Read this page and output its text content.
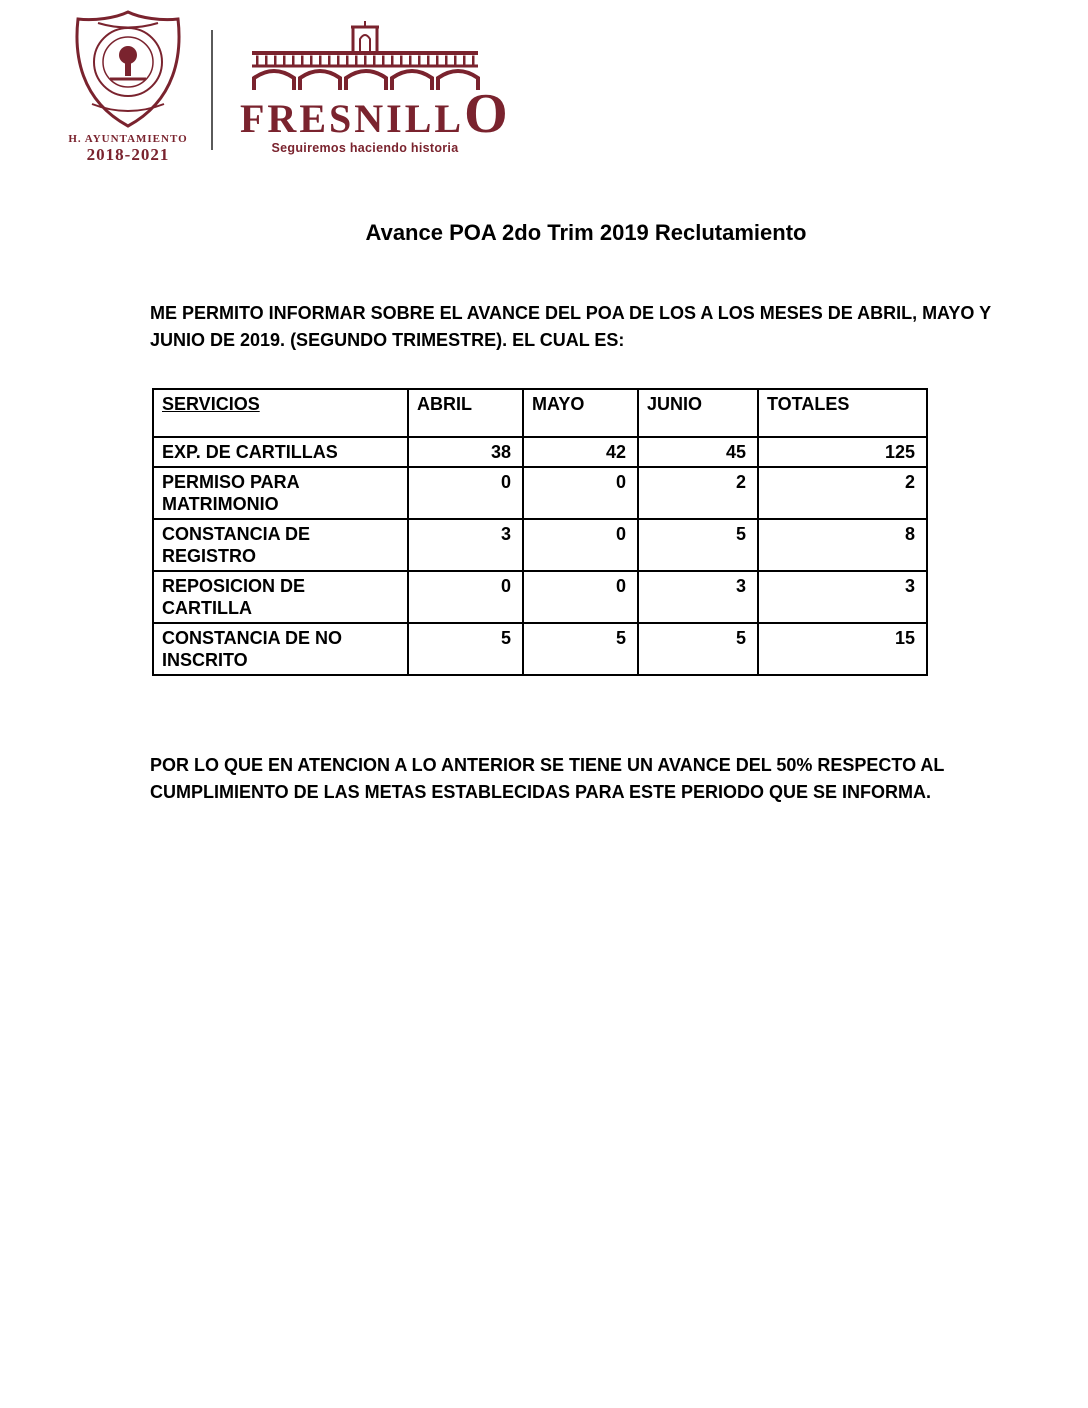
H. AYUNTAMIENTO
2018-2021
FRESNILLO
Seguiremos haciendo historia
Avance POA 2do Trim 2019 Reclutamiento
ME PERMITO INFORMAR SOBRE EL AVANCE DEL POA DE LOS A LOS MESES DE ABRIL, MAYO Y JUNIO DE 2019. (SEGUNDO TRIMESTRE). EL CUAL ES:
SERVICIOS	ABRIL	MAYO	JUNIO	TOTALES
EXP. DE CARTILLAS	38	42	45	125
PERMISO PARA MATRIMONIO	0	0	2	2
CONSTANCIA DE REGISTRO	3	0	5	8
REPOSICION DE CARTILLA	0	0	3	3
CONSTANCIA DE NO INSCRITO	5	5	5	15
POR LO QUE EN ATENCION A LO ANTERIOR SE TIENE UN AVANCE DEL 50% RESPECTO AL CUMPLIMIENTO DE LAS METAS ESTABLECIDAS PARA ESTE PERIODO QUE SE INFORMA.
